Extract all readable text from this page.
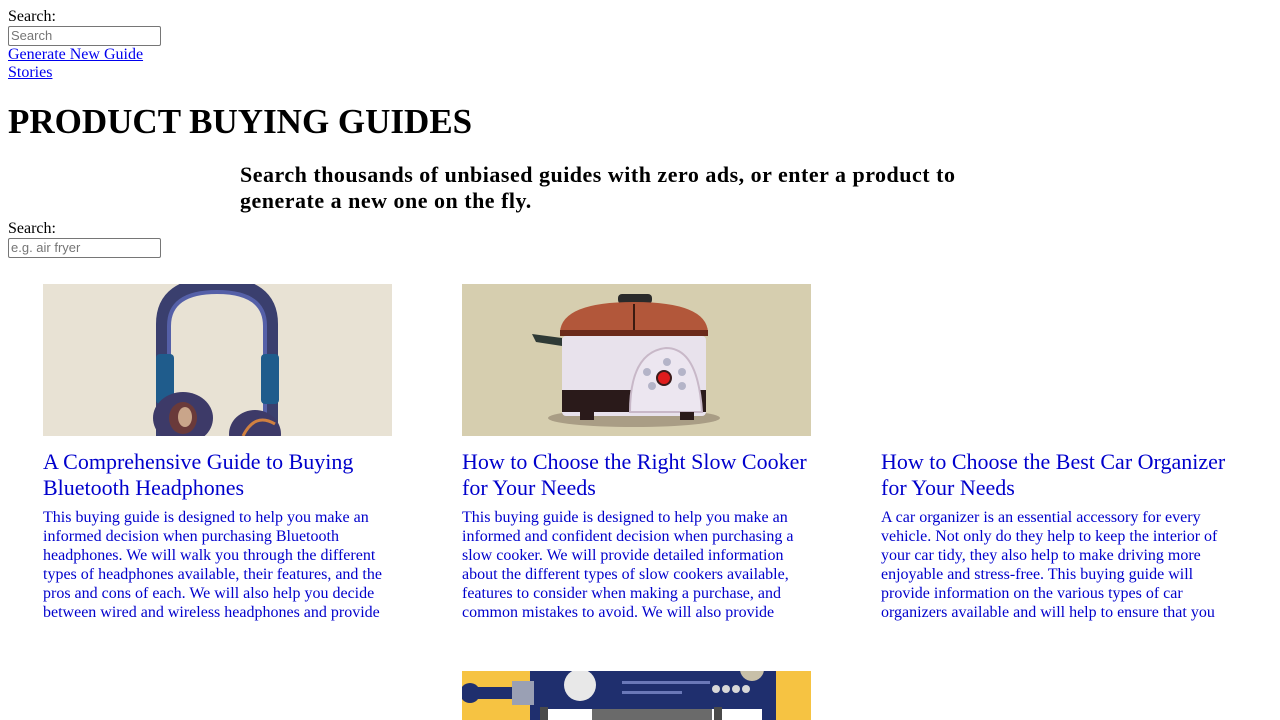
Search:
Search
Generate New Guide
Stories
PRODUCT BUYING GUIDES
Search thousands of unbiased guides with zero ads, or enter a product to generate a new one on the fly.
Search:
e.g. air fryer
A Comprehensive Guide to Buying Bluetooth Headphones

This buying guide is designed to help you make an informed decision when purchasing Bluetooth headphones. We will walk you through the different types of headphones available, their features, and the pros and cons of each. We will also help you decide between wired and wireless headphones and provide

How to Choose the Right Slow Cooker for Your Needs

This buying guide is designed to help you make an informed and confident decision when purchasing a slow cooker. We will provide detailed information about the different types of slow cookers available, features to consider when making a purchase, and common mistakes to avoid. We will also provide

How to Choose the Best Car Organizer for Your Needs

A car organizer is an essential accessory for every vehicle. Not only do they help to keep the interior of your car tidy, they also help to make driving more enjoyable and stress-free. This buying guide will provide information on the various types of car organizers available and will help to ensure that you
